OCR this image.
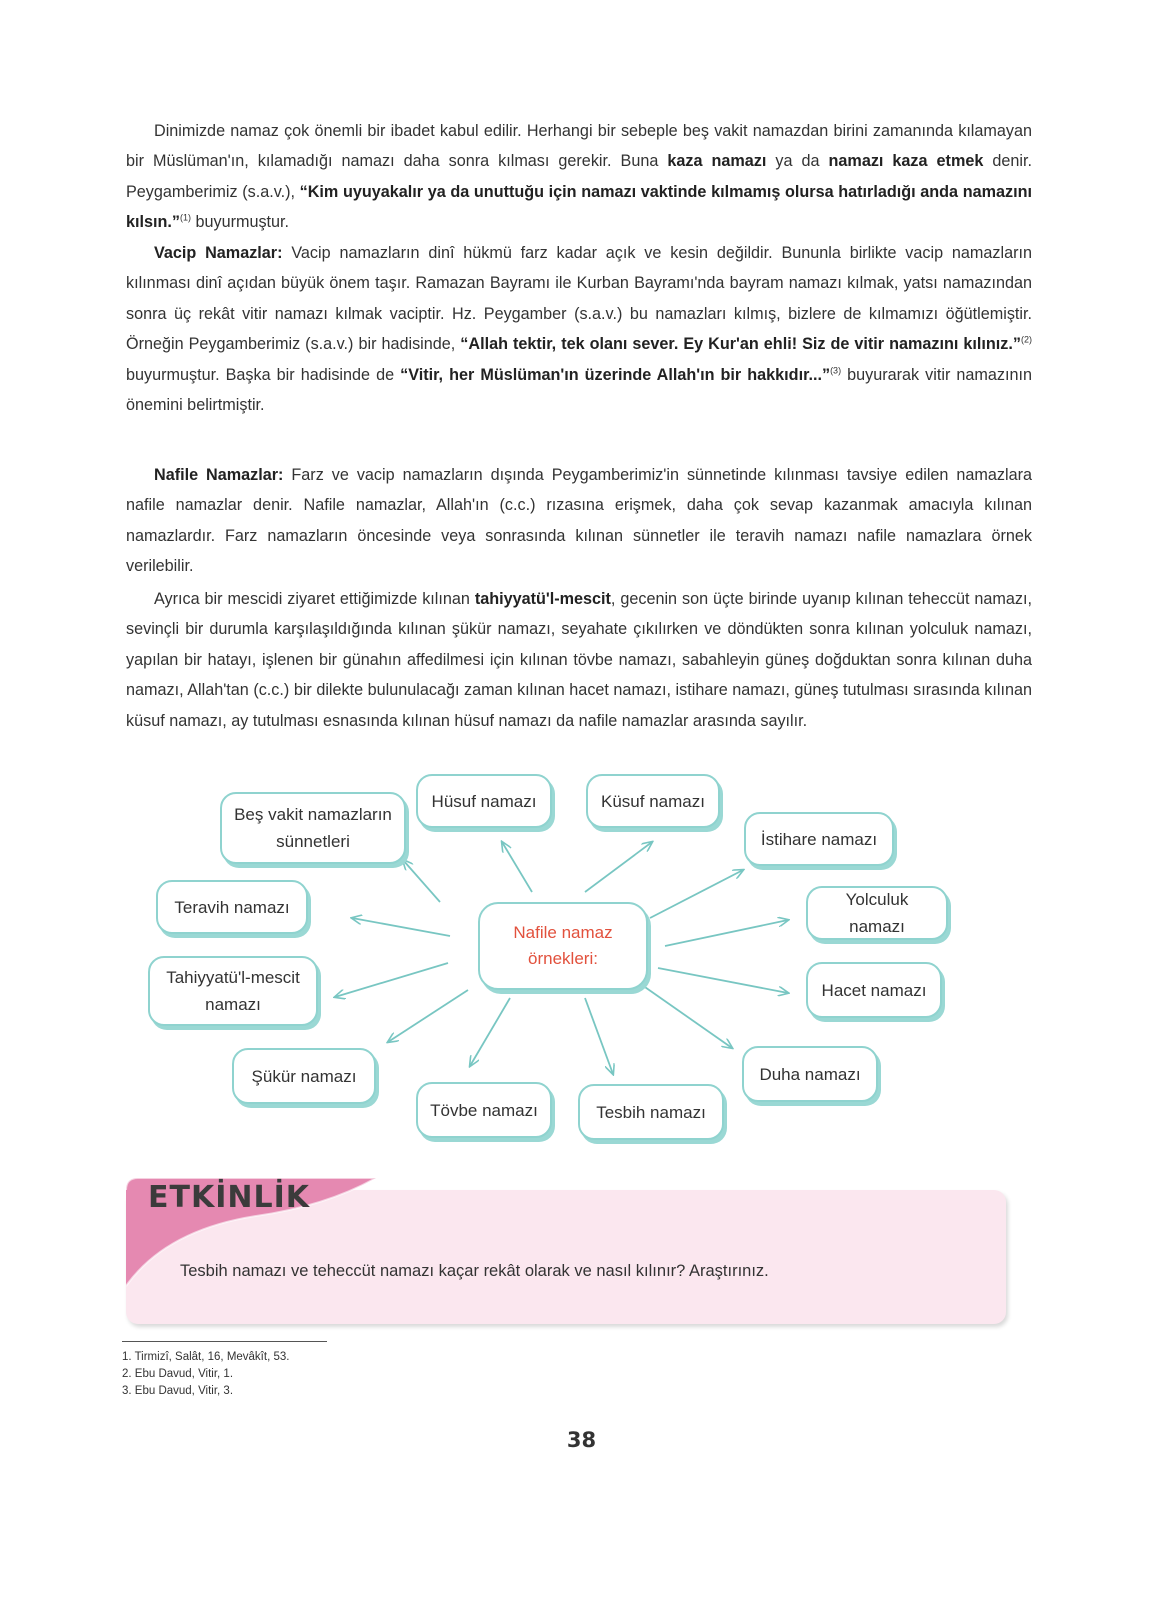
Dinimizde namaz çok önemli bir ibadet kabul edilir. Herhangi bir sebeple beş vakit namazdan birini zamanında kılamayan bir Müslüman'ın, kılamadığı namazı daha sonra kılması gerekir. Buna kaza namazı ya da namazı kaza etmek denir. Peygamberimiz (s.a.v.), “Kim uyuyakalır ya da unuttuğu için namazı vaktinde kılmamış olursa hatırladığı anda namazını kılsın.”$^{(1)}$ buyurmuştur.

Vacip Namazlar: Vacip namazların dinî hükmü farz kadar açık ve kesin değildir. Bununla birlikte vacip namazların kılınması dinî açıdan büyük önem taşır. Ramazan Bayramı ile Kurban Bayramı'nda bayram namazı kılmak, yatsı namazından sonra üç rekât vitir namazı kılmak vaciptir. Hz. Peygamber (s.a.v.) bu namazları kılmış, bizlere de kılmamızı öğütlemiştir. Örneğin Peygamberimiz (s.a.v.) bir hadisinde, “Allah tektir, tek olanı sever. Ey Kur'an ehli! Siz de vitir namazını kılınız.”$^{(2)}$ buyurmuştur. Başka bir hadisinde de “Vitir, her Müslüman'ın üzerinde Allah'ın bir hakkıdır...”$^{(3)}$ buyurarak vitir namazının önemini belirtmiştir.

Nafile Namazlar: Farz ve vacip namazların dışında Peygamberimiz'in sünnetinde kılınması tavsiye edilen namazlara nafile namazlar denir. Nafile namazlar, Allah'ın (c.c.) rızasına erişmek, daha çok sevap kazanmak amacıyla kılınan namazlardır. Farz namazların öncesinde veya sonrasında kılınan sünnetler ile teravih namazı nafile namazlara örnek verilebilir.

Ayrıca bir mescidi ziyaret ettiğimizde kılınan tahiyyatü'l-mescit, gecenin son üçte birinde uyanıp kılınan teheccüt namazı, sevinçli bir durumla karşılaşıldığında kılınan şükür namazı, seyahate çıkılırken ve döndükten sonra kılınan yolculuk namazı, yapılan bir hatayı, işlenen bir günahın affedilmesi için kılınan tövbe namazı, sabahleyin güneş doğduktan sonra kılınan duha namazı, Allah'tan (c.c.) bir dilekte bulunulacağı zaman kılınan hacet namazı, istihare namazı, güneş tutulması sırasında kılınan küsuf namazı, ay tutulması esnasında kılınan hüsuf namazı da nafile namazlar arasında sayılır.

Nafile namaz örnekleri:
Beş vakit namazların sünnetleri
Hüsuf namazı	Küsuf namazı
İstihare namazı
Teravih namazı	Yolculuk namazı
Tahiyyatü'l-mescit namazı
Hacet namazı
Şükür namazı	Duha namazı
Tövbe namazı	Tesbih namazı
ETKİNLİK
Tesbih namazı ve teheccüt namazı kaçar rekât olarak ve nasıl kılınır? Araştırınız.

1. Tirmizî, Salât, 16, Mevâkît, 53.

2. Ebu Davud, Vitir, 1.

3. Ebu Davud, Vitir, 3.

38
